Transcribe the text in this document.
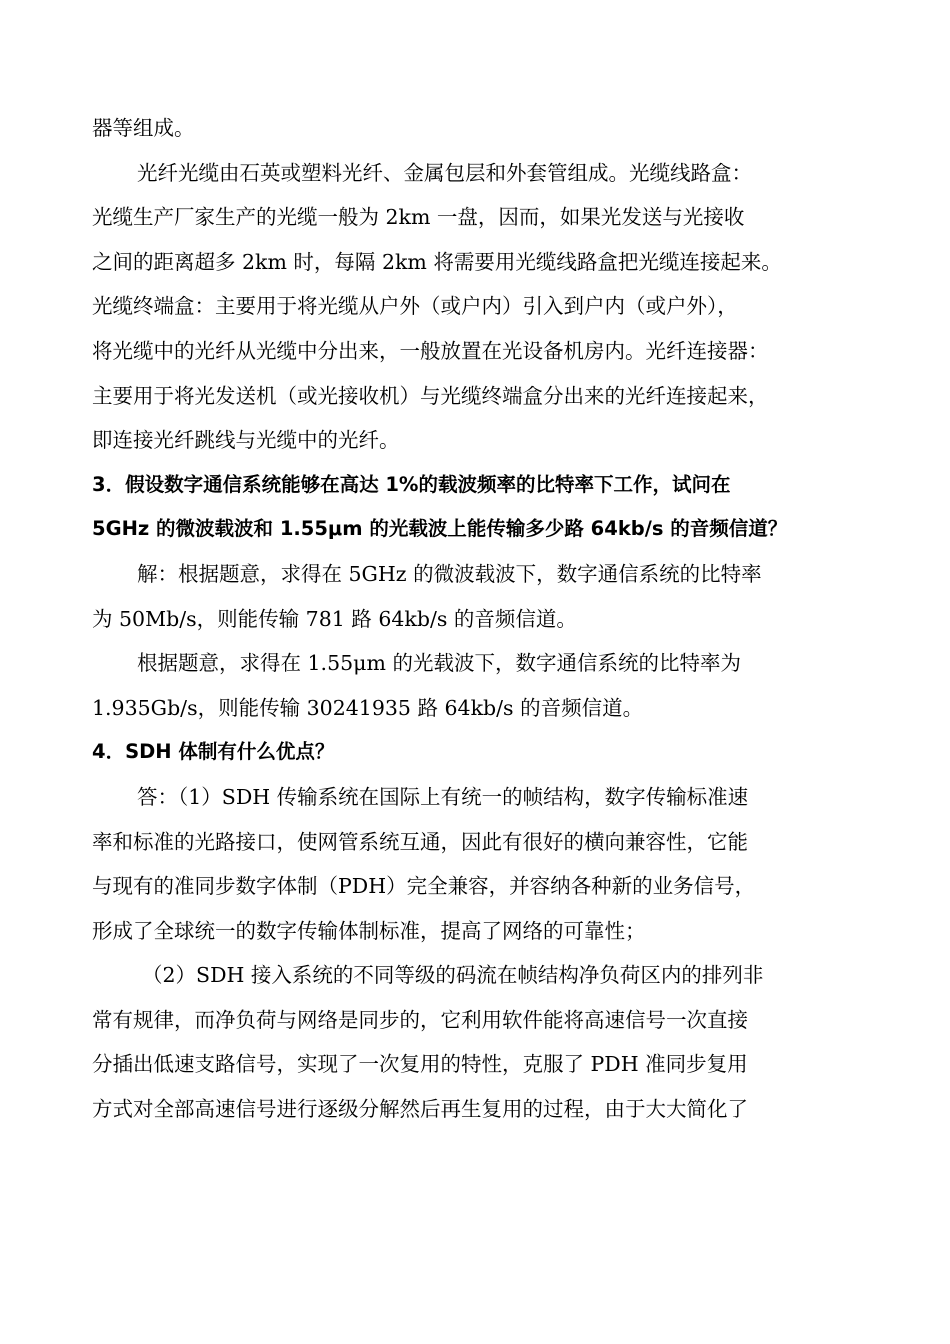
器等组成。
光纤光缆由石英或塑料光纤、金属包层和外套管组成。光缆线路盒：
光缆生产厂家生产的光缆一般为 2km 一盘，因而，如果光发送与光接收
之间的距离超多 2km 时，每隔 2km 将需要用光缆线路盒把光缆连接起来。
光缆终端盒：主要用于将光缆从户外（或户内）引入到户内（或户外），
将光缆中的光纤从光缆中分出来，一般放置在光设备机房内。光纤连接器：
主要用于将光发送机（或光接收机）与光缆终端盒分出来的光纤连接起来，
即连接光纤跳线与光缆中的光纤。
3．假设数字通信系统能够在高达 1%的载波频率的比特率下工作，试问在
5GHz 的微波载波和 1.55μm 的光载波上能传输多少路 64kb/s 的音频信道？
解：根据题意，求得在 5GHz 的微波载波下，数字通信系统的比特率
为 50Mb/s，则能传输 781 路 64kb/s 的音频信道。
根据题意，求得在 1.55μm 的光载波下，数字通信系统的比特率为
1.935Gb/s，则能传输 30241935 路 64kb/s 的音频信道。
4．SDH 体制有什么优点？
答：（1）SDH 传输系统在国际上有统一的帧结构，数字传输标准速
率和标准的光路接口，使网管系统互通，因此有很好的横向兼容性，它能
与现有的准同步数字体制（PDH）完全兼容，并容纳各种新的业务信号，
形成了全球统一的数字传输体制标准，提高了网络的可靠性；
（2）SDH 接入系统的不同等级的码流在帧结构净负荷区内的排列非
常有规律，而净负荷与网络是同步的，它利用软件能将高速信号一次直接
分插出低速支路信号，实现了一次复用的特性，克服了 PDH 准同步复用
方式对全部高速信号进行逐级分解然后再生复用的过程，由于大大简化了
